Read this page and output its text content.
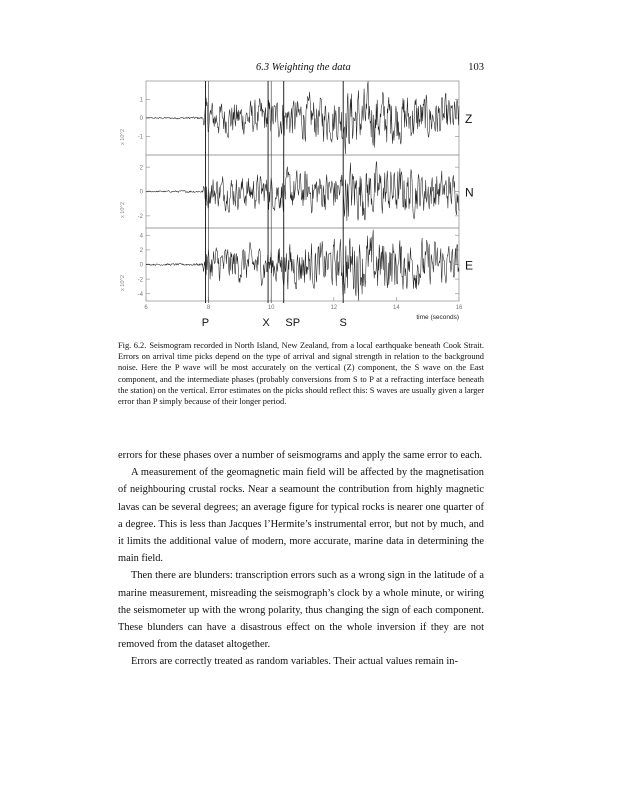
6.3 Weighting the data	103
1
0
-1
x 10^2
Z
2
0
-2
x 10^2
N
4
2
0
-2
-4
x 10^2
E
6	8	10	12	14	16
time (seconds)
P	X SP	S
Fig. 6.2. Seismogram recorded in North Island, New Zealand, from a local earthquake beneath Cook Strait. Errors on arrival time picks depend on the type of arrival and signal strength in relation to the background noise. Here the P wave will be most accurately on the vertical (Z) component, the S wave on the East component, and the intermediate phases (probably conversions from S to P at a refracting interface beneath the station) on the vertical. Error estimates on the picks should reflect this: S waves are usually given a larger error than P simply because of their longer period.

errors for these phases over a number of seismograms and apply the same error to each.

A measurement of the geomagnetic main field will be affected by the magnetisation of neighbouring crustal rocks. Near a seamount the contribution from highly magnetic lavas can be several degrees; an average figure for typical rocks is nearer one quarter of a degree. This is less than Jacques l’Hermite’s instrumental error, but not by much, and it limits the additional value of modern, more accurate, marine data in determining the main field.

Then there are blunders: transcription errors such as a wrong sign in the latitude of a marine measurement, misreading the seismograph’s clock by a whole minute, or wiring the seismometer up with the wrong polarity, thus changing the sign of each component. These blunders can have a disastrous effect on the whole inversion if they are not removed from the dataset altogether.

Errors are correctly treated as random variables. Their actual values remain in-
